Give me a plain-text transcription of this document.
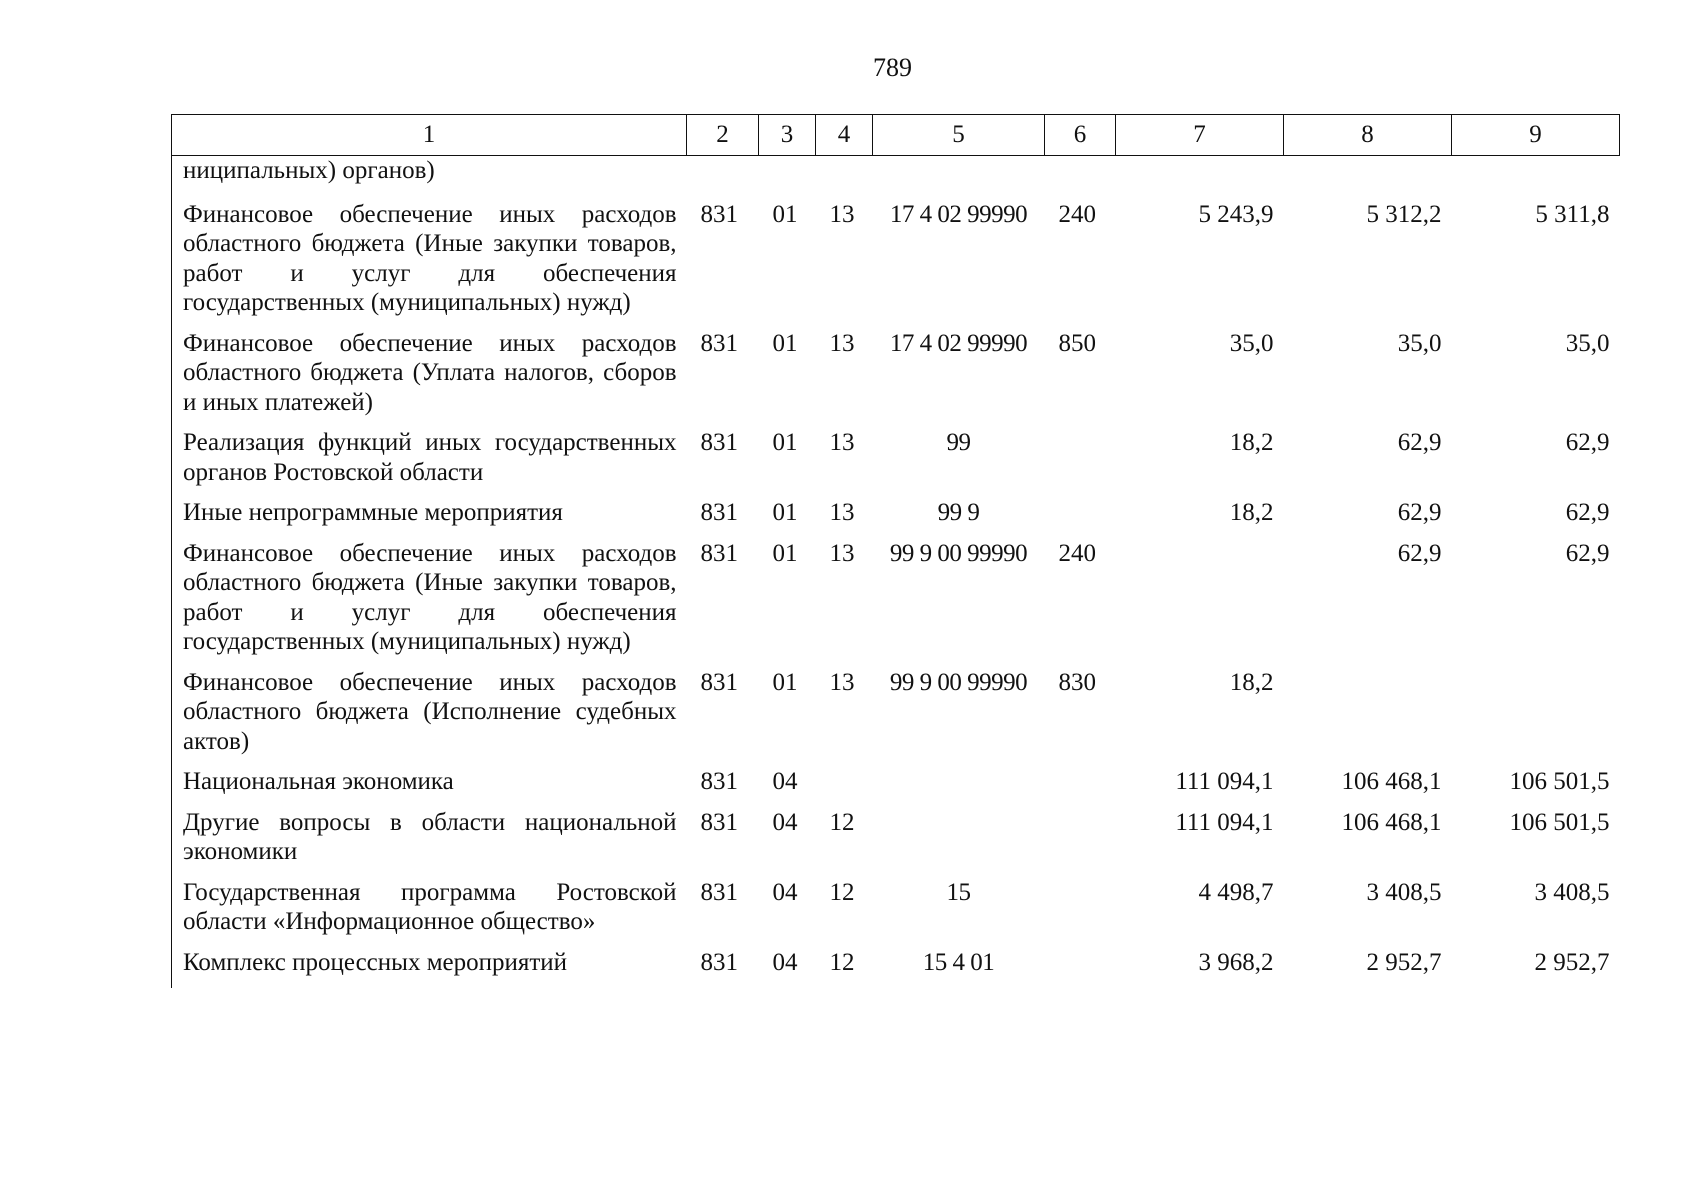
789
1	2	3	4	5	6	7	8	9
ниципальных) органов)								
Финансовое обеспечение иных расходов областного бюджета (Иные закупки товаров, работ и услуг для обеспечения государственных (муниципальных) нужд)	831	01	13	17 4 02 99990	240	5 243,9	5 312,2	5 311,8
Финансовое обеспечение иных расходов областного бюджета (Уплата налогов, сборов и иных платежей)	831	01	13	17 4 02 99990	850	35,0	35,0	35,0
Реализация функций иных государственных органов Ростовской области	831	01	13	99		18,2	62,9	62,9
Иные непрограммные мероприятия	831	01	13	99 9		18,2	62,9	62,9
Финансовое обеспечение иных расходов областного бюджета (Иные закупки товаров, работ и услуг для обеспечения государственных (муниципальных) нужд)	831	01	13	99 9 00 99990	240		62,9	62,9
Финансовое обеспечение иных расходов областного бюджета (Исполнение судебных актов)	831	01	13	99 9 00 99990	830	18,2		
Национальная экономика	831	04				111 094,1	106 468,1	106 501,5
Другие вопросы в области национальной экономики	831	04	12			111 094,1	106 468,1	106 501,5
Государственная программа Ростовской области «Информационное общество»	831	04	12	15		4 498,7	3 408,5	3 408,5
Комплекс процессных мероприятий	831	04	12	15 4 01		3 968,2	2 952,7	2 952,7
